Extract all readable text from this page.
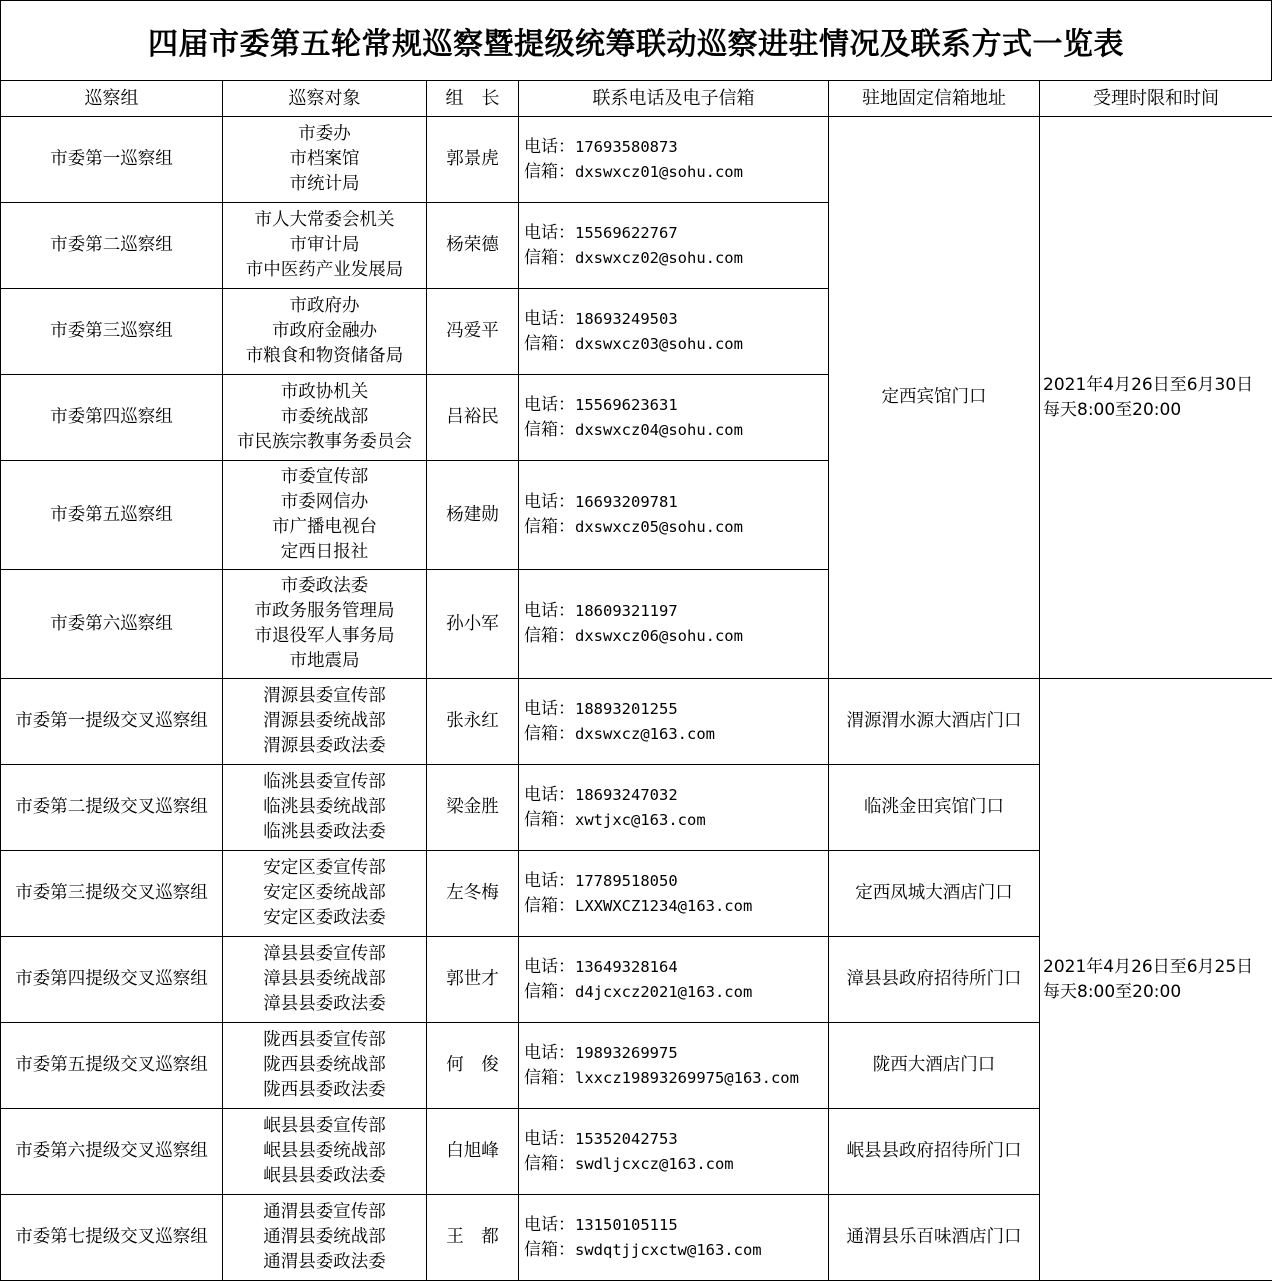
四届市委第五轮常规巡察暨提级统筹联动巡察进驻情况及联系方式一览表
巡察组	巡察对象	组　长	联系电话及电子信箱	驻地固定信箱地址	受理时限和时间
市委第一巡察组	市委办
市档案馆
市统计局	郭景虎	电话：17693580873
信箱：dxswxcz01@sohu.com	定西宾馆门口	2021年4月26日至6月30日
每天8:00至20:00

市委第二巡察组	市人大常委会机关
市审计局
市中医药产业发展局	杨荣德	电话：15569622767
信箱：dxswxcz02@sohu.com		

市委第三巡察组	市政府办
市政府金融办
市粮食和物资储备局	冯爱平	电话：18693249503
信箱：dxswxcz03@sohu.com		

市委第四巡察组	市政协机关
市委统战部
市民族宗教事务委员会	吕裕民	电话：15569623631
信箱：dxswxcz04@sohu.com		

市委第五巡察组	市委宣传部
市委网信办
市广播电视台
定西日报社	杨建勋	电话：16693209781
信箱：dxswxcz05@sohu.com		

市委第六巡察组	市委政法委
市政务服务管理局
市退役军人事务局
市地震局	孙小军	电话：18609321197
信箱：dxswxcz06@sohu.com		

市委第一提级交叉巡察组	渭源县委宣传部
渭源县委统战部
渭源县委政法委	张永红	电话：18893201255
信箱：dxswxcz@163.com	渭源渭水源大酒店门口	2021年4月26日至6月25日
每天8:00至20:00

市委第二提级交叉巡察组	临洮县委宣传部
临洮县委统战部
临洮县委政法委	梁金胜	电话：18693247032
信箱：xwtjxc@163.com	临洮金田宾馆门口	
市委第三提级交叉巡察组	安定区委宣传部
安定区委统战部
安定区委政法委	左冬梅	电话：17789518050
信箱：LXXWXCZ1234@163.com	定西凤城大酒店门口	
市委第四提级交叉巡察组	漳县县委宣传部
漳县县委统战部
漳县县委政法委	郭世才	电话：13649328164
信箱：d4jcxcz2021@163.com	漳县县政府招待所门口	
市委第五提级交叉巡察组	陇西县委宣传部
陇西县委统战部
陇西县委政法委	何　俊	电话：19893269975
信箱：lxxcz19893269975@163.com	陇西大酒店门口	
市委第六提级交叉巡察组	岷县县委宣传部
岷县县委统战部
岷县县委政法委	白旭峰	电话：15352042753
信箱：swdljcxcz@163.com	岷县县政府招待所门口	
市委第七提级交叉巡察组	通渭县委宣传部
通渭县委统战部
通渭县委政法委	王　都	电话：13150105115
信箱：swdqtjjcxctw@163.com	通渭县乐百味酒店门口	
